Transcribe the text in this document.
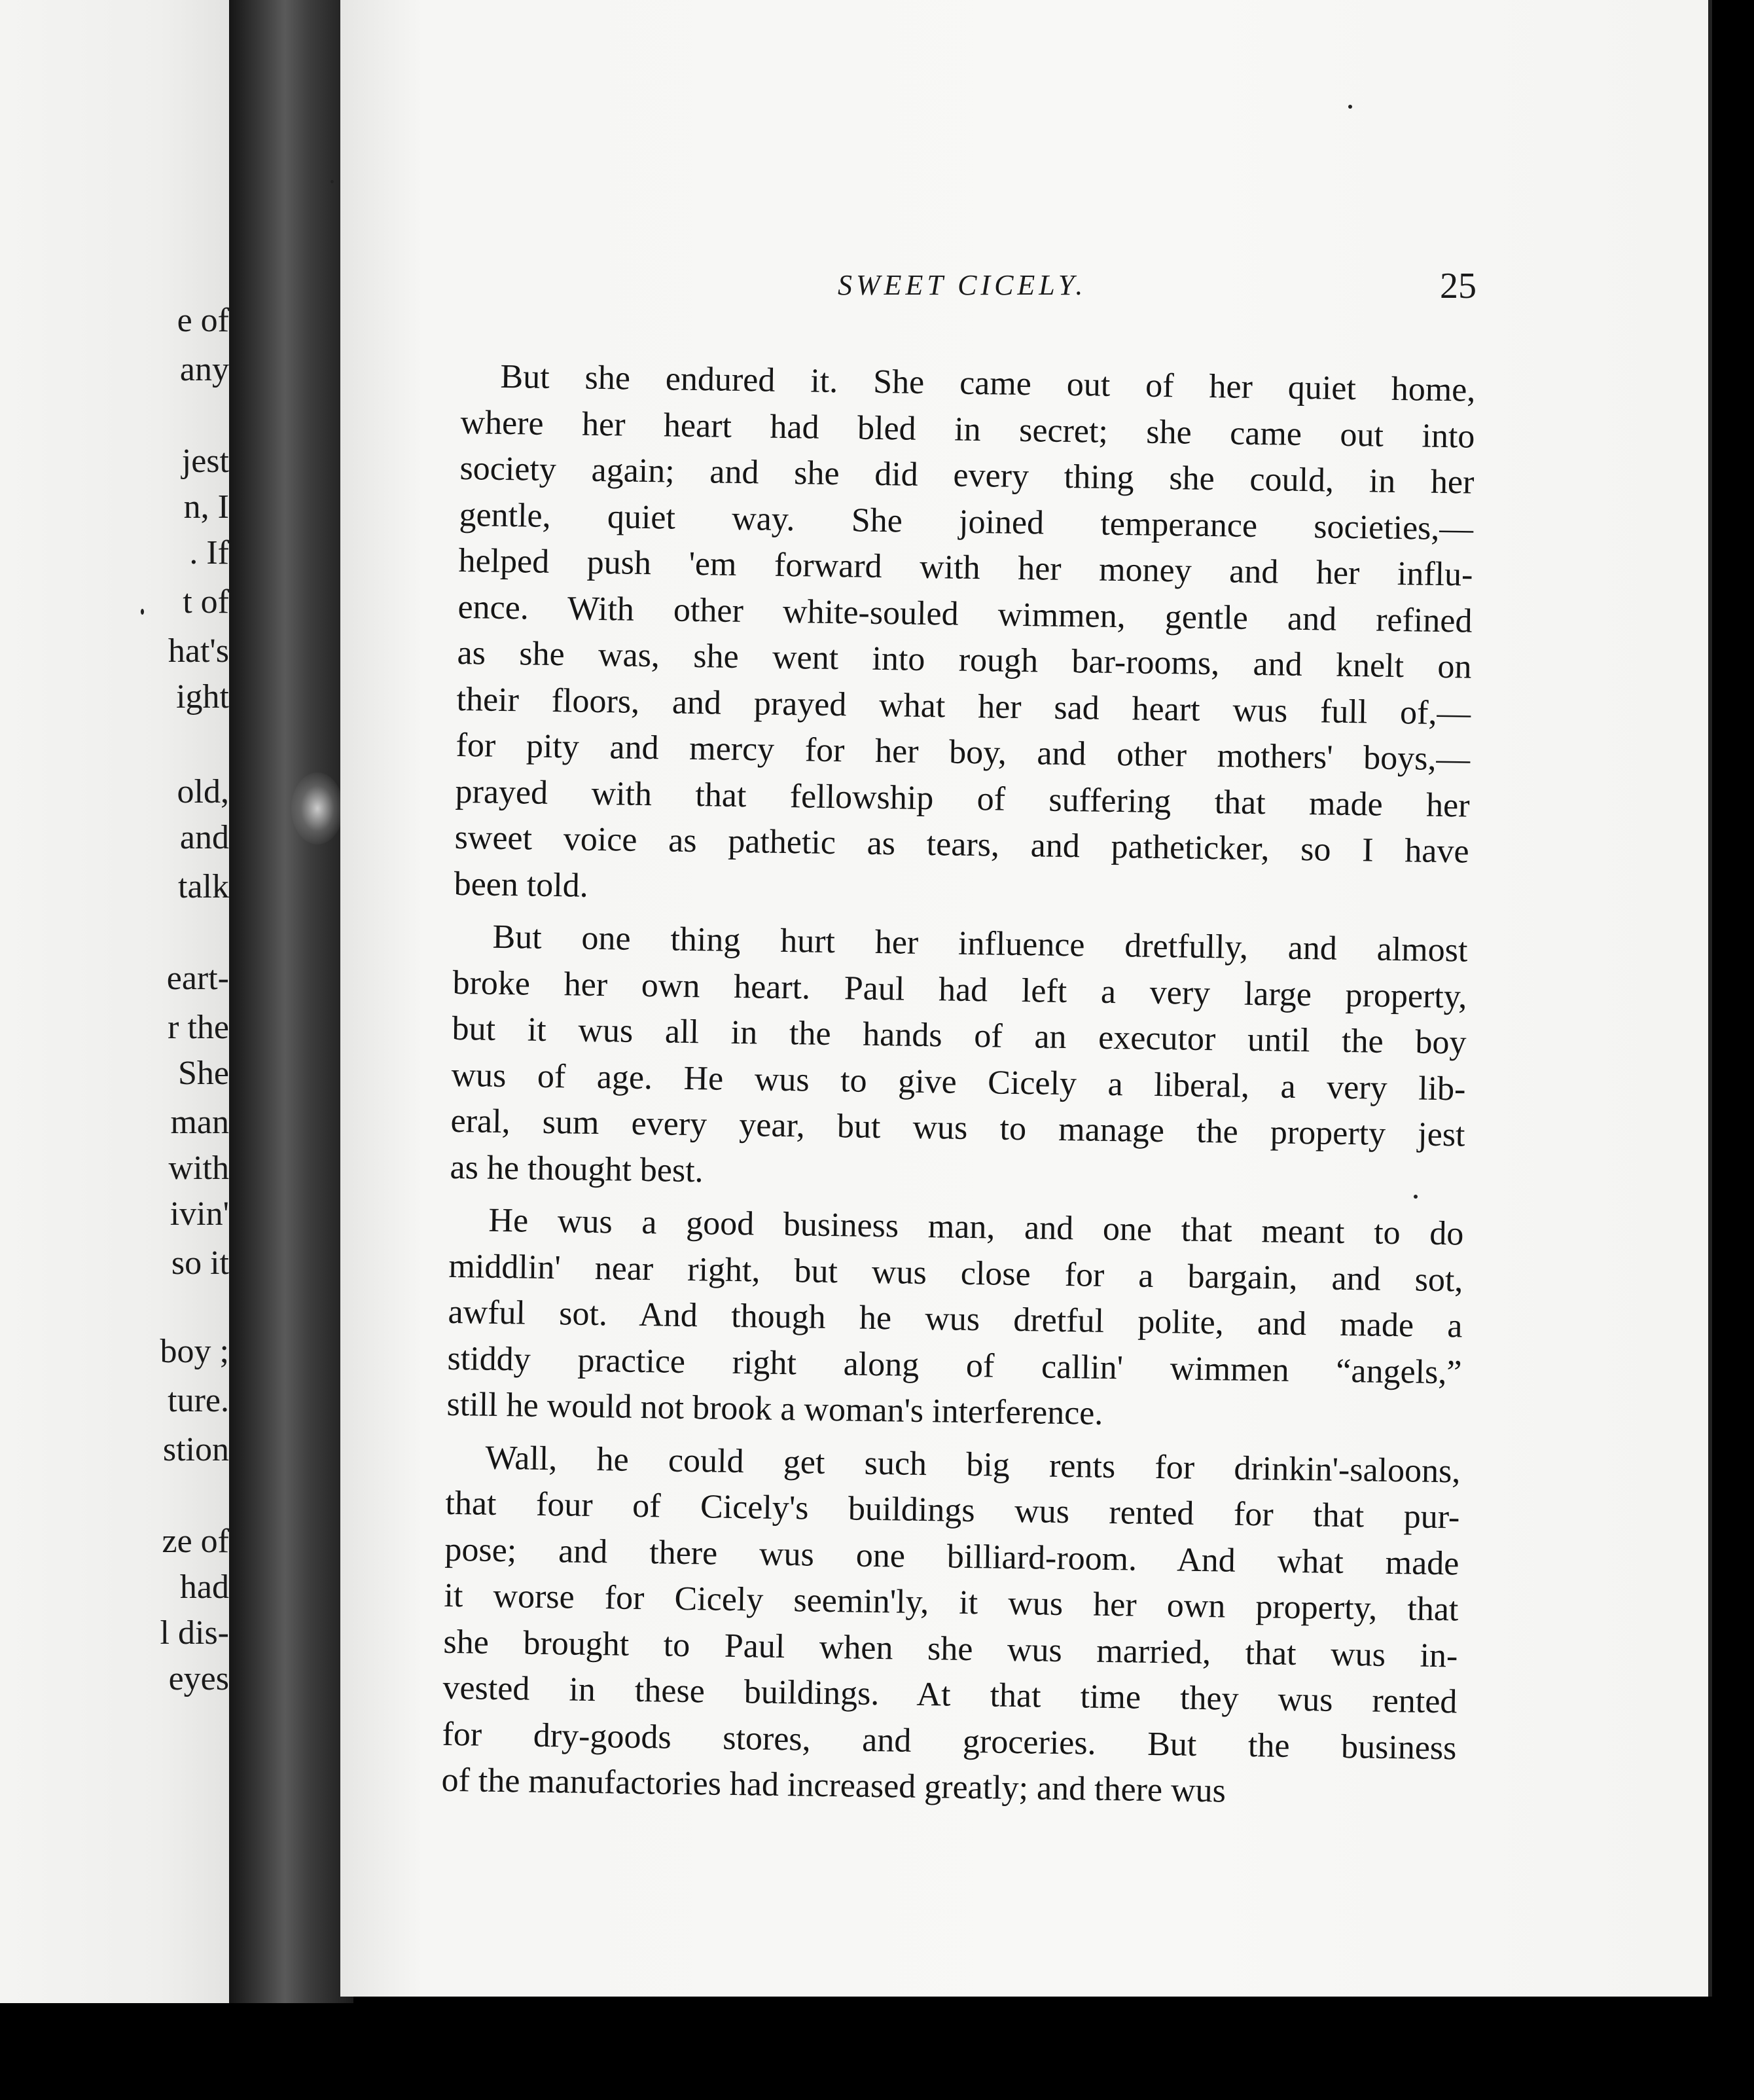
e of
any
jest
n, I
. If
t of
hat's
ight
old,
and
talk
eart-
r the
She
man
with
ivin'
so it
boy ;
ture.
stion
ze of
had
l dis-
eyes
SWEET CICELY.	25
But she endured it. She came out of her quiet home,
where her heart had bled in secret; she came out into
society again; and she did every thing she could, in her
gentle, quiet way. She joined temperance societies,—
helped push 'em forward with her money and her influ-
ence. With other white-souled wimmen, gentle and refined
as she was, she went into rough bar-rooms, and knelt on
their floors, and prayed what her sad heart wus full of,—
for pity and mercy for her boy, and other mothers' boys,—
prayed with that fellowship of suffering that made her
sweet voice as pathetic as tears, and patheticker, so I have
been told.
But one thing hurt her influence dretfully, and almost
broke her own heart. Paul had left a very large property,
but it wus all in the hands of an executor until the boy
wus of age. He wus to give Cicely a liberal, a very lib-
eral, sum every year, but wus to manage the property jest
as he thought best.
He wus a good business man, and one that meant to do
middlin' near right, but wus close for a bargain, and sot,
awful sot. And though he wus dretful polite, and made a
stiddy practice right along of callin' wimmen “angels,”
still he would not brook a woman's interference.
Wall, he could get such big rents for drinkin'-saloons,
that four of Cicely's buildings wus rented for that pur-
pose; and there wus one billiard-room. And what made
it worse for Cicely seemin'ly, it wus her own property, that
she brought to Paul when she wus married, that wus in-
vested in these buildings. At that time they wus rented
for dry-goods stores, and groceries. But the business
of the manufactories had increased greatly; and there wus
